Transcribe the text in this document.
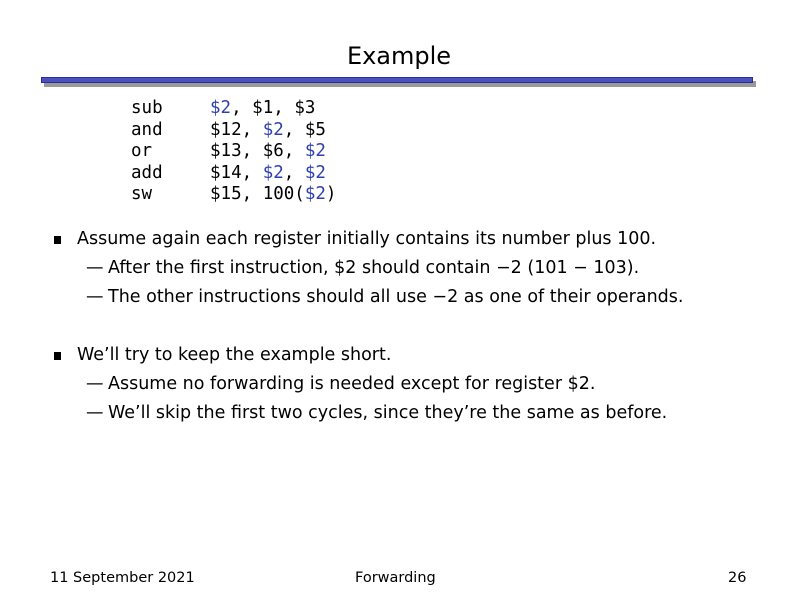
Example
sub	$2, $1, $3
and	$12, $2, $5
or	$13, $6, $2
add	$14, $2, $2
sw	$15, 100($2)
Assume again each register initially contains its number plus 100.
— After the first instruction, $2 should contain −2 (101 − 103).
— The other instructions should all use −2 as one of their operands.
We’ll try to keep the example short.
— Assume no forwarding is needed except for register $2.
— We’ll skip the first two cycles, since they’re the same as before.
11 September 2021	Forwarding	26
